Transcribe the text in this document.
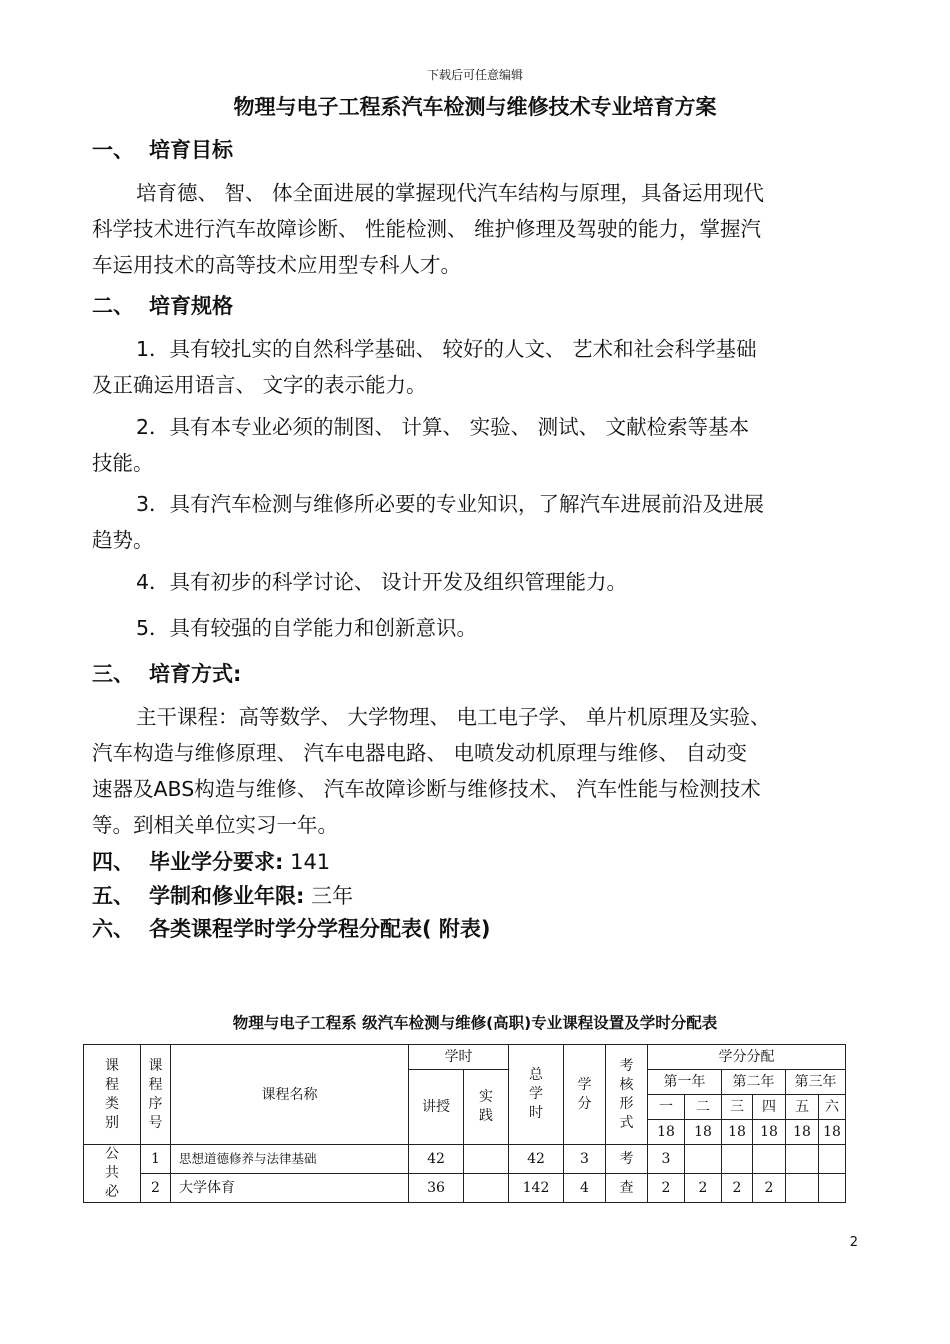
下载后可任意编辑
物理与电子工程系汽车检测与维修技术专业培育方案
一、 培育目标
培育德、 智、 体全面进展的掌握现代汽车结构与原理，具备运用现代
科学技术进行汽车故障诊断、 性能检测、 维护修理及驾驶的能力，掌握汽
车运用技术的高等技术应用型专科人才。
二、 培育规格
1．具有较扎实的自然科学基础、 较好的人文、 艺术和社会科学基础
及正确运用语言、 文字的表示能力。
2．具有本专业必须的制图、 计算、 实验、 测试、 文献检索等基本
技能。
3．具有汽车检测与维修所必要的专业知识，了解汽车进展前沿及进展
趋势。
4．具有初步的科学讨论、 设计开发及组织管理能力。
5．具有较强的自学能力和创新意识。
三、 培育方式:
主干课程：高等数学、 大学物理、 电工电子学、 单片机原理及实验、
汽车构造与维修原理、 汽车电器电路、 电喷发动机原理与维修、 自动变
速器及ABS构造与维修、 汽车故障诊断与维修技术、 汽车性能与检测技术
等。到相关单位实习一年。
四、 毕业学分要求: 141
五、 学制和修业年限: 三年
六、 各类课程学时学分学程分配表( 附表)
物理与电子工程系 级汽车检测与维修(高职)专业课程设置及学时分配表
课程类别	课程序号	课程名称	学时		总学时	学分	考核形式	学分分配					
			讲授	实践				第一年		第二年		第三年	
								一	二	三	四	五	六
								18	18	18	18	18	18
公共必	1	思想道德修养与法律基础	42		42	3	考	3					
	2	大学体育	36		142	4	查	2	2	2	2		
2
